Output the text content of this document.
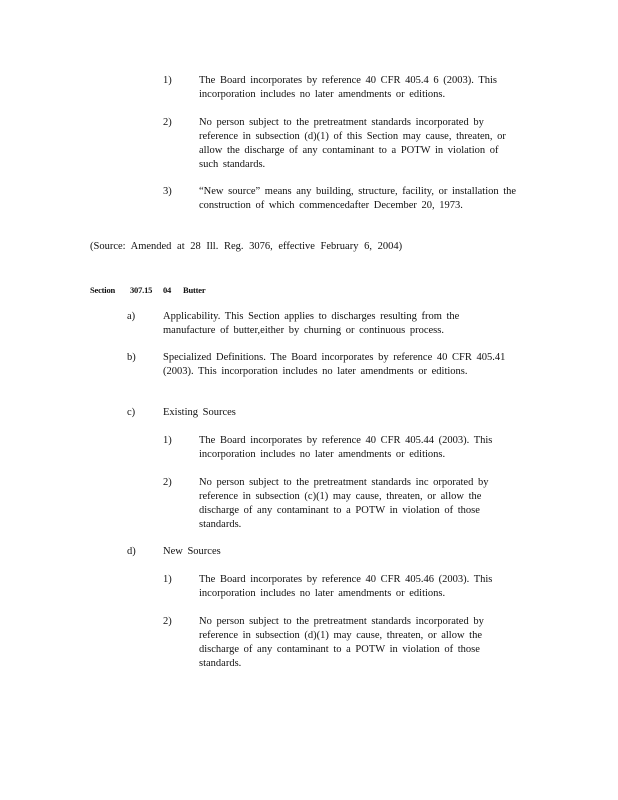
1)	The Board incorporates by reference 40 CFR 405.4 6 (2003). This incorporation includes no later amendments or editions.
2)	No person subject to the pretreatment standards incorporated by reference in subsection (d)(1) of this Section may cause, threaten, or allow the discharge of any contaminant to a POTW in violation of such standards.
3)	“New source” means any building, structure, facility, or installation the construction of which commencedafter December 20, 1973.
(Source: Amended at 28 Ill. Reg. 3076, effective February 6, 2004)
Section 307.15 04 Butter
a)	Applicability. This Section applies to discharges resulting from the manufacture of butter,either by churning or continuous process.
b)	Specialized Definitions. The Board incorporates by reference 40 CFR 405.41 (2003). This incorporation includes no later amendments or editions.
c)	Existing Sources
1)	The Board incorporates by reference 40 CFR 405.44 (2003). This incorporation includes no later amendments or editions.
2)	No person subject to the pretreatment standards inc orporated by reference in subsection (c)(1) may cause, threaten, or allow the discharge of any contaminant to a POTW in violation of those standards.
d)	New Sources
1)	The Board incorporates by reference 40 CFR 405.46 (2003). This incorporation includes no later amendments or editions.
2)	No person subject to the pretreatment standards incorporated by reference in subsection (d)(1) may cause, threaten, or allow the discharge of any contaminant to a POTW in violation of those standards.
